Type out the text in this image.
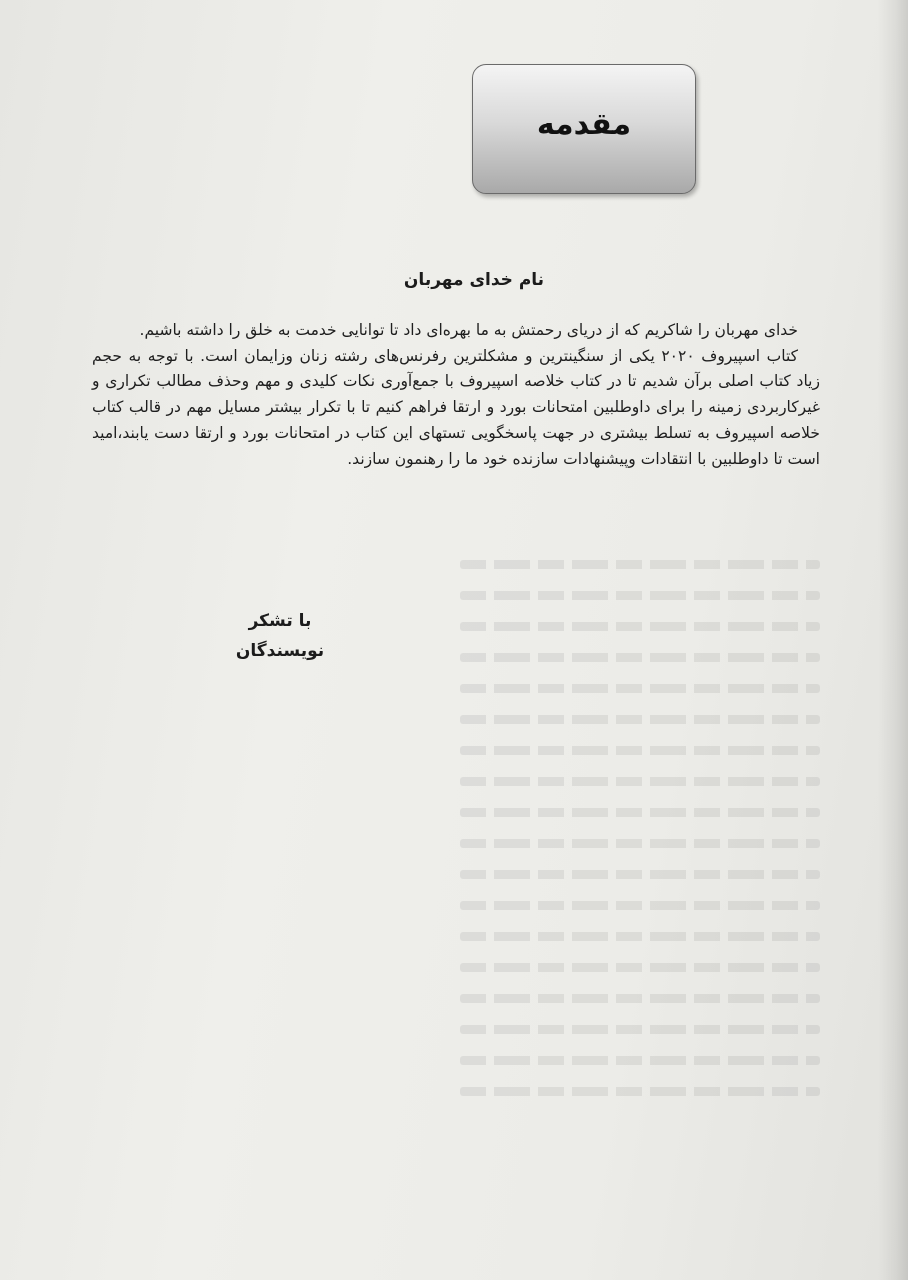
مقدمه
نام خدای مهربان

خدای مهربان را شاکریم که از دریای رحمتش به ما بهره‌ای داد تا توانایی خدمت به خلق را داشته باشیم.

کتاب اسپیروف ۲۰۲۰ یکی از سنگینترین و مشکلترین رفرنس‌های رشته زنان وزایمان است. با توجه به حجم زیاد کتاب اصلی برآن شدیم تا در کتاب خلاصه اسپیروف با جمع‌آوری نکات کلیدی و مهم وحذف مطالب تکراری و غیرکاربردی زمینه را برای داوطلبین امتحانات بورد و ارتقا فراهم کنیم تا با تکرار بیشتر مسایل مهم در قالب کتاب خلاصه اسپیروف به تسلط بیشتری در جهت پاسخگویی تستهای این کتاب در امتحانات بورد و ارتقا دست یابند،امید است تا داوطلبین با انتقادات وپیشنهادات سازنده خود ما را رهنمون سازند.

با تشکر
نویسندگان
